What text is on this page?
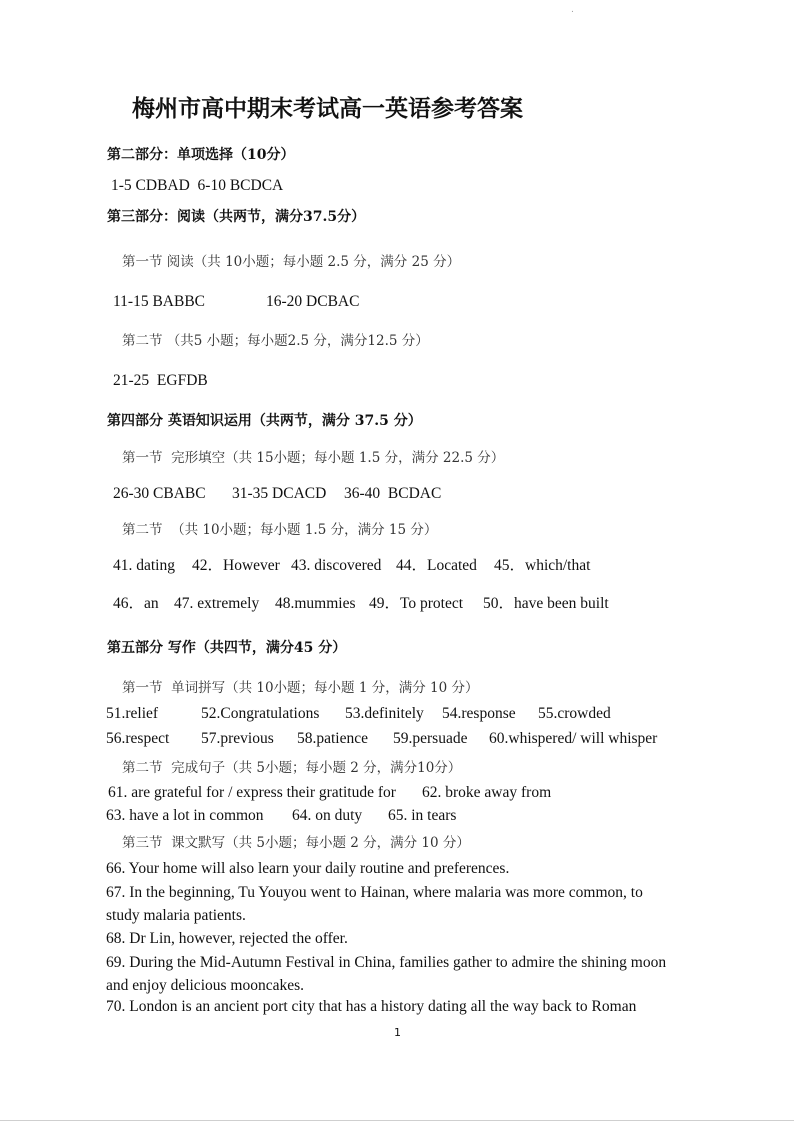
.
梅州市高中期末考试高一英语参考答案
第二部分：单项选择（10分）
1-5 CDBAD  6-10 BCDCA
第三部分：阅读（共两节，满分37.5分）
第一节 阅读（共 10小题；每小题 2.5 分，满分 25 分）
11-15 BABBC	16-20 DCBAC
第二节 （共5 小题；每小题2.5 分，满分12.5 分）
21-25  EGFDB
第四部分 英语知识运用（共两节，满分 37.5 分）
第一节  完形填空（共 15小题；每小题 1.5 分，满分 22.5 分）
26-30 CBABC 31-35 DCACD 36-40  BCDAC
第二节  （共 10小题；每小题 1.5 分，满分 15 分）
41. dating 42．However 43. discovered 44．Located 45．which/that
46．an 47. extremely 48.mummies 49．To protect 50．have been built
第五部分 写作（共四节，满分45 分）
第一节  单词拼写（共 10小题；每小题 1 分，满分 10 分）
51.relief	52.Congratulations 53.definitely 54.response 55.crowded
56.respect 57.previous 58.patience 59.persuade 60.whispered/ will whisper
第二节  完成句子（共 5小题；每小题 2 分，满分10分）
61. are grateful for / express their gratitude for 62. broke away from
63. have a lot in common 64. on duty 65. in tears
第三节  课文默写（共 5小题；每小题 2 分，满分 10 分）
66. Your home will also learn your daily routine and preferences.
67. In the beginning, Tu Youyou went to Hainan, where malaria was more common, to
study malaria patients.
68. Dr Lin, however, rejected the offer.
69. During the Mid-Autumn Festival in China, families gather to admire the shining moon
and enjoy delicious mooncakes.
70. London is an ancient port city that has a history dating all the way back to Roman
1
